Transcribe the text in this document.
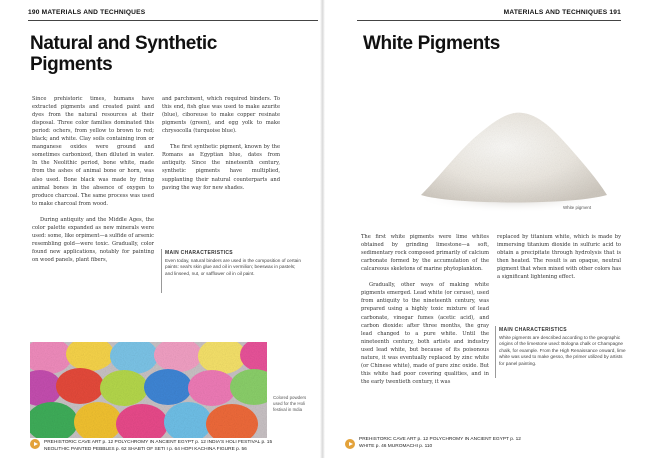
190 MATERIALS AND TECHNIQUES
Natural and Synthetic Pigments

Since prehistoric times, humans have extracted pigments and created paint and dyes from the natural resources at their disposal. Three color families dominated this period: ochers, from yellow to brown to red; black; and white. Clay soils containing iron or manganese oxides were ground and sometimes carbonized, then diluted in water. In the Neolithic period, bone white, made from the ashes of animal bone or horn, was also used. Bone black was made by firing animal bones in the absence of oxygen to produce charcoal. The same process was used to make charcoal from wood.

During antiquity and the Middle Ages, the color palette expanded as new minerals were used: some, like orpiment—a sulfide of arsenic resembling gold—were toxic. Gradually, color found new applications, notably for painting on wood panels, plant fibers,

and parchment, which required binders. To this end, fish glue was used to make azurite (blue), ciboreuse to make copper resinate pigments (green), and egg yolk to make chrysocolla (turquoise blue).

The first synthetic pigment, known by the Romans as Egyptian blue, dates from antiquity. Since the nineteenth century, synthetic pigments have multiplied, supplanting their natural counterparts and paving the way for new shades.

MAIN CHARACTERISTICS
Even today, natural binders are used in the composition of certain paints: seal's skin glue and oil in vermilion; beeswax in pastels; and linseed, nut, or safflower oil in oil paint.
Colored powders used for the Holi festival in India
PREHISTORIC CAVE ART p. 12 POLYCHROMY IN ANCIENT EGYPT p. 12 INDIA'S HOLI FESTIVAL p. 15
NEOLITHIC PAINTED PEBBLES p. 62 SHABTI OF SETI I p. 64 HOPI KACHINA FIGURE p. 56
MATERIALS AND TECHNIQUES 191
White Pigments
White pigment

The first white pigments were lime whites obtained by grinding limestone—a soft, sedimentary rock composed primarily of calcium carbonate formed by the accumulation of the calcareous skeletons of marine phytoplankton.

Gradually, other ways of making white pigments emerged. Lead white (or ceruse), used from antiquity to the nineteenth century, was prepared using a highly toxic mixture of lead carbonate, vinegar fumes (acetic acid), and carbon dioxide: after three months, the gray lead changed to a pure white. Until the nineteenth century, both artists and industry used lead white, but because of its poisonous nature, it was eventually replaced by zinc white (or Chinese white), made of pure zinc oxide. But this white had poor covering qualities, and in the early twentieth century, it was

replaced by titanium white, which is made by immersing titanium dioxide in sulfuric acid to obtain a precipitate through hydrolysis that is then heated. The result is an opaque, neutral pigment that when mixed with other colors has a significant lightening effect.

MAIN CHARACTERISTICS
White pigments are described according to the geographic origins of the limestone used: Bologna chalk or Champagne chalk, for example. From the High Renaissance onward, lime white was used to make gesso, the primer utilized by artists for panel painting.
PREHISTORIC CAVE ART p. 12 POLYCHROMY IN ANCIENT EGYPT p. 12
WHITE p. 46 MUROMACHI p. 110
